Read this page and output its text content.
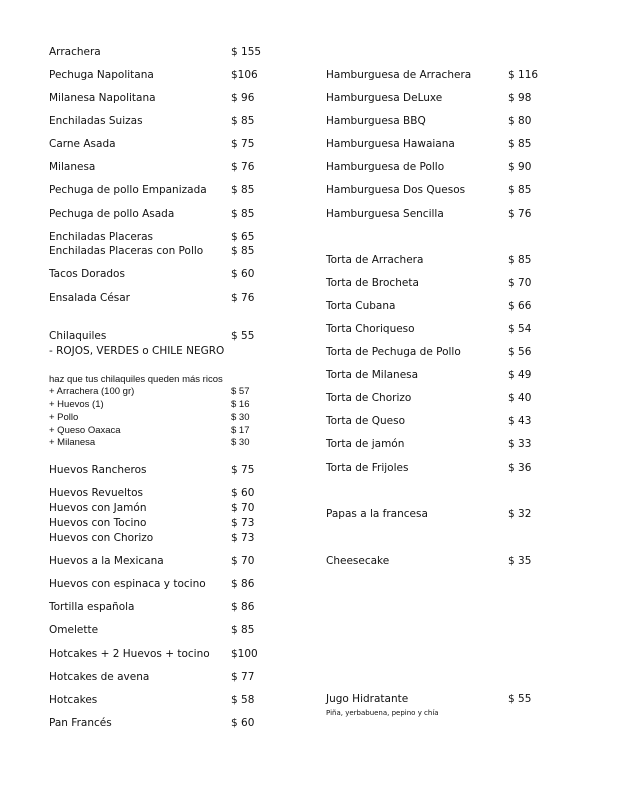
Arrachera	$ 155
Pechuga Napolitana	$106
Milanesa Napolitana	$ 96
Enchiladas Suizas	$ 85
Carne Asada	$ 75
Milanesa	$ 76
Pechuga de pollo Empanizada $ 85
Pechuga de pollo Asada	$ 85
Enchiladas Placeras	$ 65
Enchiladas Placeras con Pollo	$ 85
Tacos Dorados	$ 60
Ensalada César	$ 76
Chilaquiles	$ 55
- ROJOS, VERDES o CHILE NEGRO
haz que tus chilaquiles queden más ricos
+ Arrachera (100 gr)	$ 57
+ Huevos (1)	$ 16
+ Pollo	$ 30
+ Queso Oaxaca	$ 17
+ Milanesa	$ 30
Huevos Rancheros	$ 75
Huevos Revueltos	$ 60
Huevos con Jamón	$ 70
Huevos con Tocino	$ 73
Huevos con Chorizo	$ 73
Huevos a la Mexicana	$ 70
Huevos con espinaca y tocino $ 86
Tortilla española	$ 86
Omelette	$ 85
Hotcakes + 2 Huevos + tocino $100
Hotcakes de avena	$ 77
Hotcakes	$ 58
Pan Francés	$ 60
Hamburguesa de Arrachera	$ 116
Hamburguesa DeLuxe	$ 98
Hamburguesa BBQ	$ 80
Hamburguesa Hawaiana	$ 85
Hamburguesa de Pollo	$ 90
Hamburguesa Dos Quesos	$ 85
Hamburguesa Sencilla	$ 76
Torta de Arrachera	$ 85
Torta de Brocheta	$ 70
Torta Cubana	$ 66
Torta Choriqueso	$ 54
Torta de Pechuga de Pollo	$ 56
Torta de Milanesa	$ 49
Torta de Chorizo	$ 40
Torta de Queso	$ 43
Torta de jamón	$ 33
Torta de Frijoles	$ 36
Papas a la francesa	$ 32
Cheesecake	$ 35
Jugo Hidratante	$ 55
Piña, yerbabuena, pepino y chía
